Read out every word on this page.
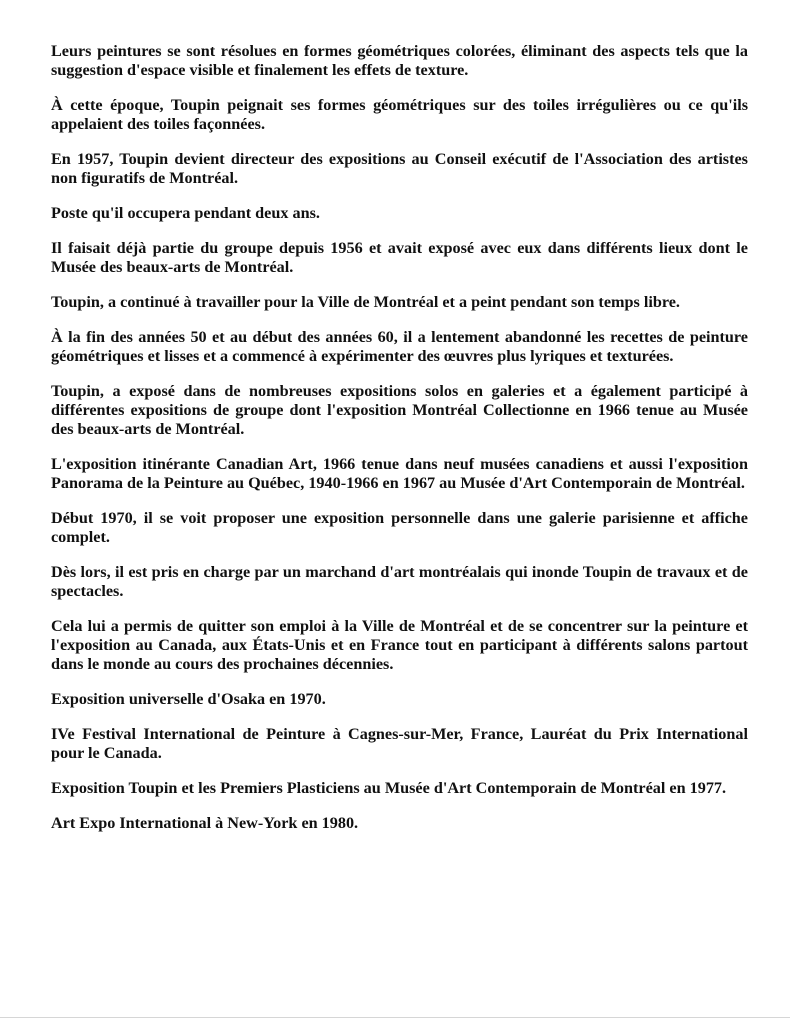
Leurs peintures se sont résolues en formes géométriques colorées, éliminant des aspects tels que la suggestion d'espace visible et finalement les effets de texture.

À cette époque, Toupin peignait ses formes géométriques sur des toiles irrégulières ou ce qu'ils appelaient des toiles façonnées.

En 1957, Toupin devient directeur des expositions au Conseil exécutif de l'Association des artistes non figuratifs de Montréal.

Poste qu'il occupera pendant deux ans.

Il faisait déjà partie du groupe depuis 1956 et avait exposé avec eux dans différents lieux dont le Musée des beaux-arts de Montréal.

Toupin, a continué à travailler pour la Ville de Montréal et a peint pendant son temps libre.

À la fin des années 50 et au début des années 60, il a lentement abandonné les recettes de peinture géométriques et lisses et a commencé à expérimenter des œuvres plus lyriques et texturées.

Toupin, a exposé dans de nombreuses expositions solos en galeries et a également participé à différentes expositions de groupe dont l'exposition Montréal Collectionne en 1966 tenue au Musée des beaux-arts de Montréal.

L'exposition itinérante Canadian Art, 1966 tenue dans neuf musées canadiens et aussi l'exposition Panorama de la Peinture au Québec, 1940-1966 en 1967 au Musée d'Art Contemporain de Montréal.

Début 1970, il se voit proposer une exposition personnelle dans une galerie parisienne et affiche complet.

Dès lors, il est pris en charge par un marchand d'art montréalais qui inonde Toupin de travaux et de spectacles.

Cela lui a permis de quitter son emploi à la Ville de Montréal et de se concentrer sur la peinture et l'exposition au Canada, aux États-Unis et en France tout en participant à différents salons partout dans le monde au cours des prochaines décennies.

Exposition universelle d'Osaka en 1970.

IVe Festival International de Peinture à Cagnes-sur-Mer, France, Lauréat du Prix International pour le Canada.

Exposition Toupin et les Premiers Plasticiens au Musée d'Art Contemporain de Montréal en 1977.

Art Expo International à New-York en 1980.
